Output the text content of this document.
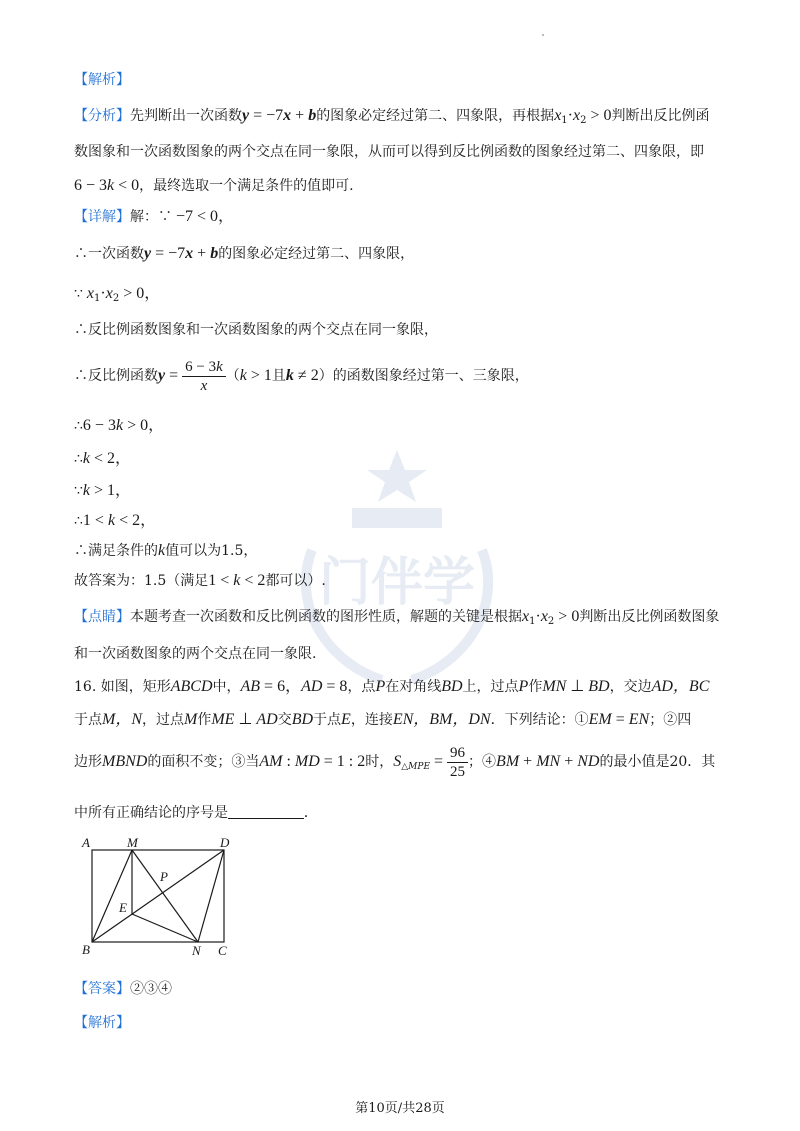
门伴学
【解析】
【分析】先判断出一次函数y = −7x + b的图象必定经过第二、四象限，再根据$x_1\cdot x_2 > 0$判断出反比例函
数图象和一次函数图象的两个交点在同一象限，从而可以得到反比例函数的图象经过第二、四象限，即
6 − 3k < 0，最终选取一个满足条件的值即可.
【详解】解：∵ −7 < 0，
∴一次函数y = −7x + b的图象必定经过第二、四象限，
∵ $x_1\cdot x_2 > 0$，
∴反比例函数图象和一次函数图象的两个交点在同一象限，
∴反比例函数$y = \frac{6 - 3k}{x} (k > 1$且k ≠ 2）的函数图象经过第一、三象限，
∴6 − 3k > 0，
∴k < 2，
∵k > 1，
∴1 < k < 2，
∴满足条件的k值可以为1.5，
故答案为：1.5（满足1 < k < 2都可以）.
【点睛】本题考查一次函数和反比例函数的图形性质，解题的关键是根据$x_1\cdot x_2 > 0$判断出反比例函数图象
和一次函数图象的两个交点在同一象限.
16. 如图，矩形ABCD中，AB = 6，AD = 8，点P在对角线BD上，过点P作MN ⊥ BD，交边AD，BC
于点M，N，过点M作ME ⊥ AD交BD于点E，连接EN，BM，DN．下列结论：①EM = EN；②四
边形MBND的面积不变；③当AM : MD = 1 : 2时，$S_{\triangle MPE} = \frac{96}{25}$ ；④BM + MN + ND的最小值是20．其
中所有正确结论的序号是	.
A	M	D
P
E
B	N C
【答案】②③④
【解析】
第10页/共28页
